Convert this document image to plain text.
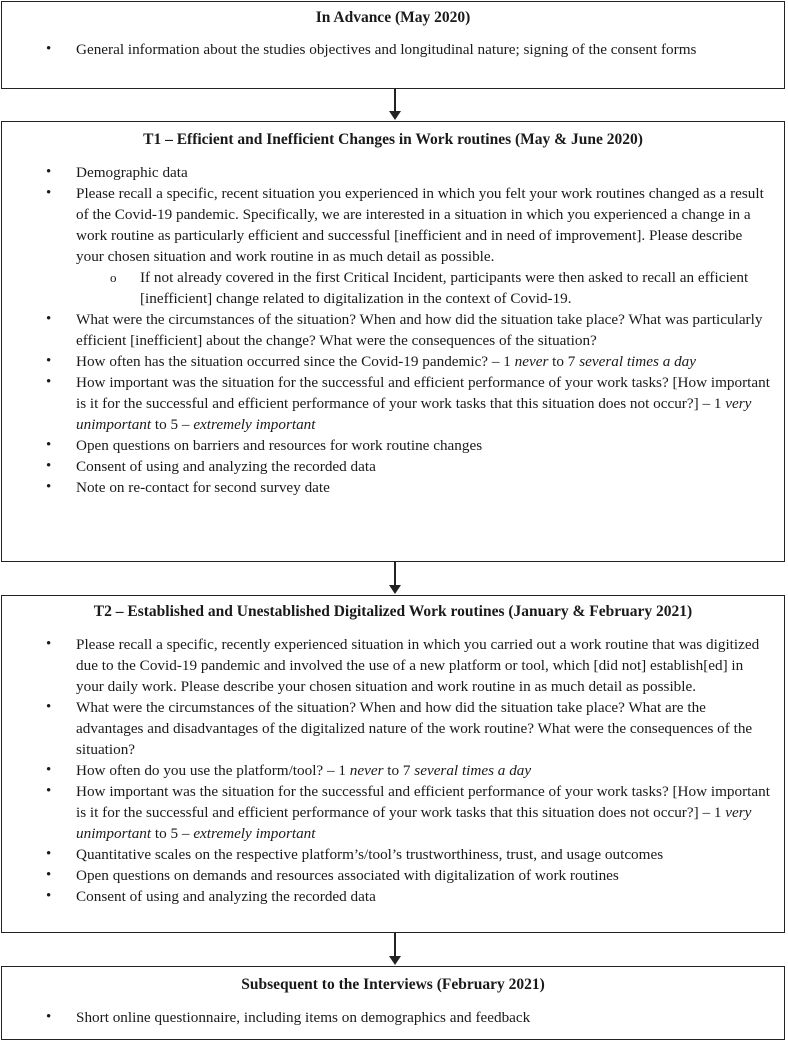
In Advance (May 2020)

• General information about the studies objectives and longitudinal nature; signing of the consent forms

T1 – Efficient and Inefficient Changes in Work routines (May & June 2020)

• Demographic data
• Please recall a specific, recent situation you experienced in which you felt your work routines changed as a result of the Covid-19 pandemic. Specifically, we are interested in a situation in which you experienced a change in a work routine as particularly efficient and successful [inefficient and in need of improvement]. Please describe your chosen situation and work routine in as much detail as possible.
o If not already covered in the first Critical Incident, participants were then asked to recall an efficient [inefficient] change related to digitalization in the context of Covid-19.
• What were the circumstances of the situation? When and how did the situation take place? What was particularly efficient [inefficient] about the change? What were the consequences of the situation?
• How often has the situation occurred since the Covid-19 pandemic? – 1 never to 7 several times a day
• How important was the situation for the successful and efficient performance of your work tasks? [How important is it for the successful and efficient performance of your work tasks that this situation does not occur?] – 1 very unimportant to 5 – extremely important
• Open questions on barriers and resources for work routine changes
• Consent of using and analyzing the recorded data
• Note on re-contact for second survey date

T2 – Established and Unestablished Digitalized Work routines (January & February 2021)

• Please recall a specific, recently experienced situation in which you carried out a work routine that was digitized due to the Covid-19 pandemic and involved the use of a new platform or tool, which [did not] establish[ed] in your daily work. Please describe your chosen situation and work routine in as much detail as possible.
• What were the circumstances of the situation? When and how did the situation take place? What are the advantages and disadvantages of the digitalized nature of the work routine? What were the consequences of the situation?
• How often do you use the platform/tool? – 1 never to 7 several times a day
• How important was the situation for the successful and efficient performance of your work tasks? [How important is it for the successful and efficient performance of your work tasks that this situation does not occur?] – 1 very unimportant to 5 – extremely important
• Quantitative scales on the respective platform’s/tool’s trustworthiness, trust, and usage outcomes
• Open questions on demands and resources associated with digitalization of work routines
• Consent of using and analyzing the recorded data

Subsequent to the Interviews (February 2021)

• Short online questionnaire, including items on demographics and feedback
